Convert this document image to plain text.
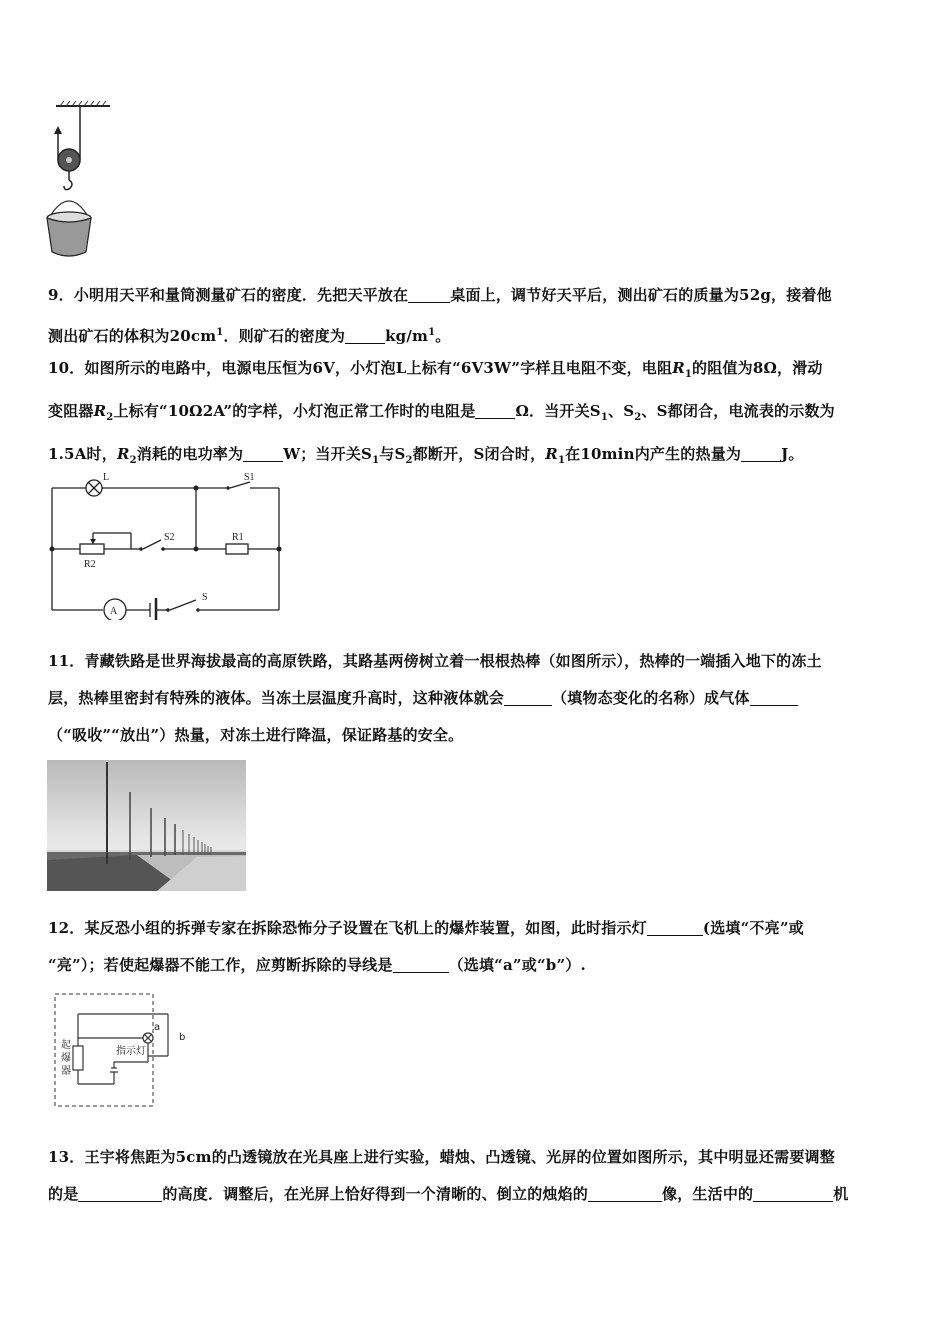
9．小明用天平和量筒测量矿石的密度．先把天平放在	桌面上，调节好天平后，测出矿石的质量为52g，接着他

测出矿石的体积为$20cm^1$．则矿石的密度为	$kg/m^1$。

10．如图所示的电路中，电源电压恒为6V，小灯泡L上标有“6V3W”字样且电阻不变，电阻$R_1$的阻值为8Ω，滑动

变阻器$R_2$上标有“10Ω2A”的字样，小灯泡正常工作时的电阻是	Ω．当开关$S_1$、$S_2$、S都闭合，电流表的示数为

1.5A时，$R_2$消耗的电功率为	W；当开关$S_1$与$S_2$都断开，S闭合时，$R_1$在10min内产生的热量为	J。

L	S1
R2
S2	R1
A
S

11．青藏铁路是世界海拔最高的高原铁路，其路基两傍树立着一根根热棒（如图所示），热棒的一端插入地下的冻土

层，热棒里密封有特殊的液体。当冻土层温度升高时，这种液体就会	（填物态变化的名称）成气体

（“吸收”“放出”）热量，对冻土进行降温，保证路基的安全。

12．某反恐小组的拆弹专家在拆除恐怖分子设置在飞机上的爆炸装置，如图，此时指示灯	(选填“不亮”或

“亮”）；若使起爆器不能工作，应剪断拆除的导线是	（选填“a”或“b”）.

起爆器
指示灯
a
b

13．王宇将焦距为5cm的凸透镜放在光具座上进行实验，蜡烛、凸透镜、光屏的位置如图所示，其中明显还需要调整

的是	的高度．调整后，在光屏上恰好得到一个清晰的、倒立的烛焰的	像，生活中的	机
